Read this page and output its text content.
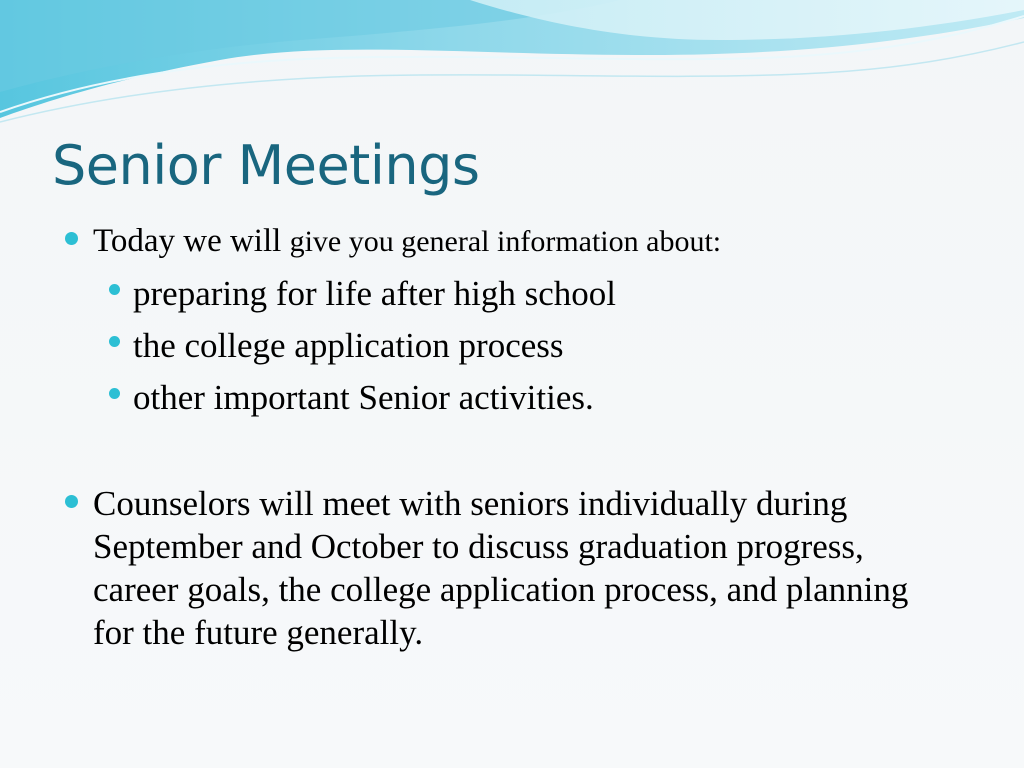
Senior Meetings
Today we will give you general information about:
preparing for life after high school
the college application process
other important Senior activities.
Counselors will meet with seniors individually during September and October to discuss graduation progress, career goals, the college application process, and planning for the future generally.
